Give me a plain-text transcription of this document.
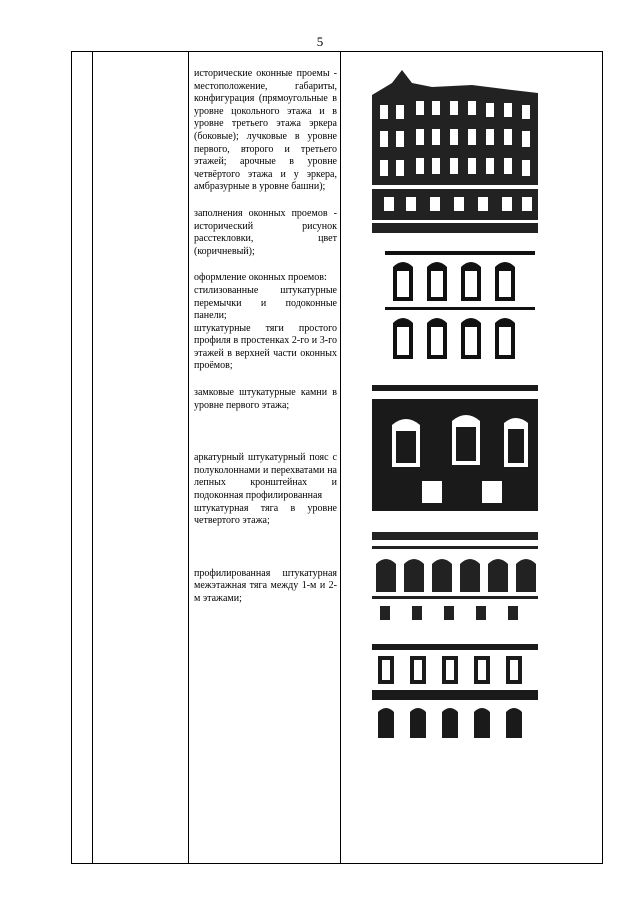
5

исторические оконные проемы - местоположение, габариты, конфигурация (прямоугольные в уровне цокольного этажа и в уровне третьего этажа эркера (боковые); лучковые в уровне первого, второго и третьего этажей; арочные в уровне четвёртого этажа и у эркера, амбразурные в уровне башни);

заполнения оконных проемов - исторический рисунок расстекловки, цвет (коричневый);

оформление оконных проемов:

стилизованные штукатурные перемычки и подоконные панели;

штукатурные тяги простого профиля в простенках 2-го и 3-го этажей в верхней части оконных проёмов;

замковые штукатурные камни в уровне первого этажа;

аркатурный штукатурный пояс с полуколоннами и перехватами на лепных кронштейнах и подоконная профилированная

штукатурная тяга в уровне четвертого этажа;

профилированная штукатурная межэтажная тяга между 1-м и 2-м этажами;
